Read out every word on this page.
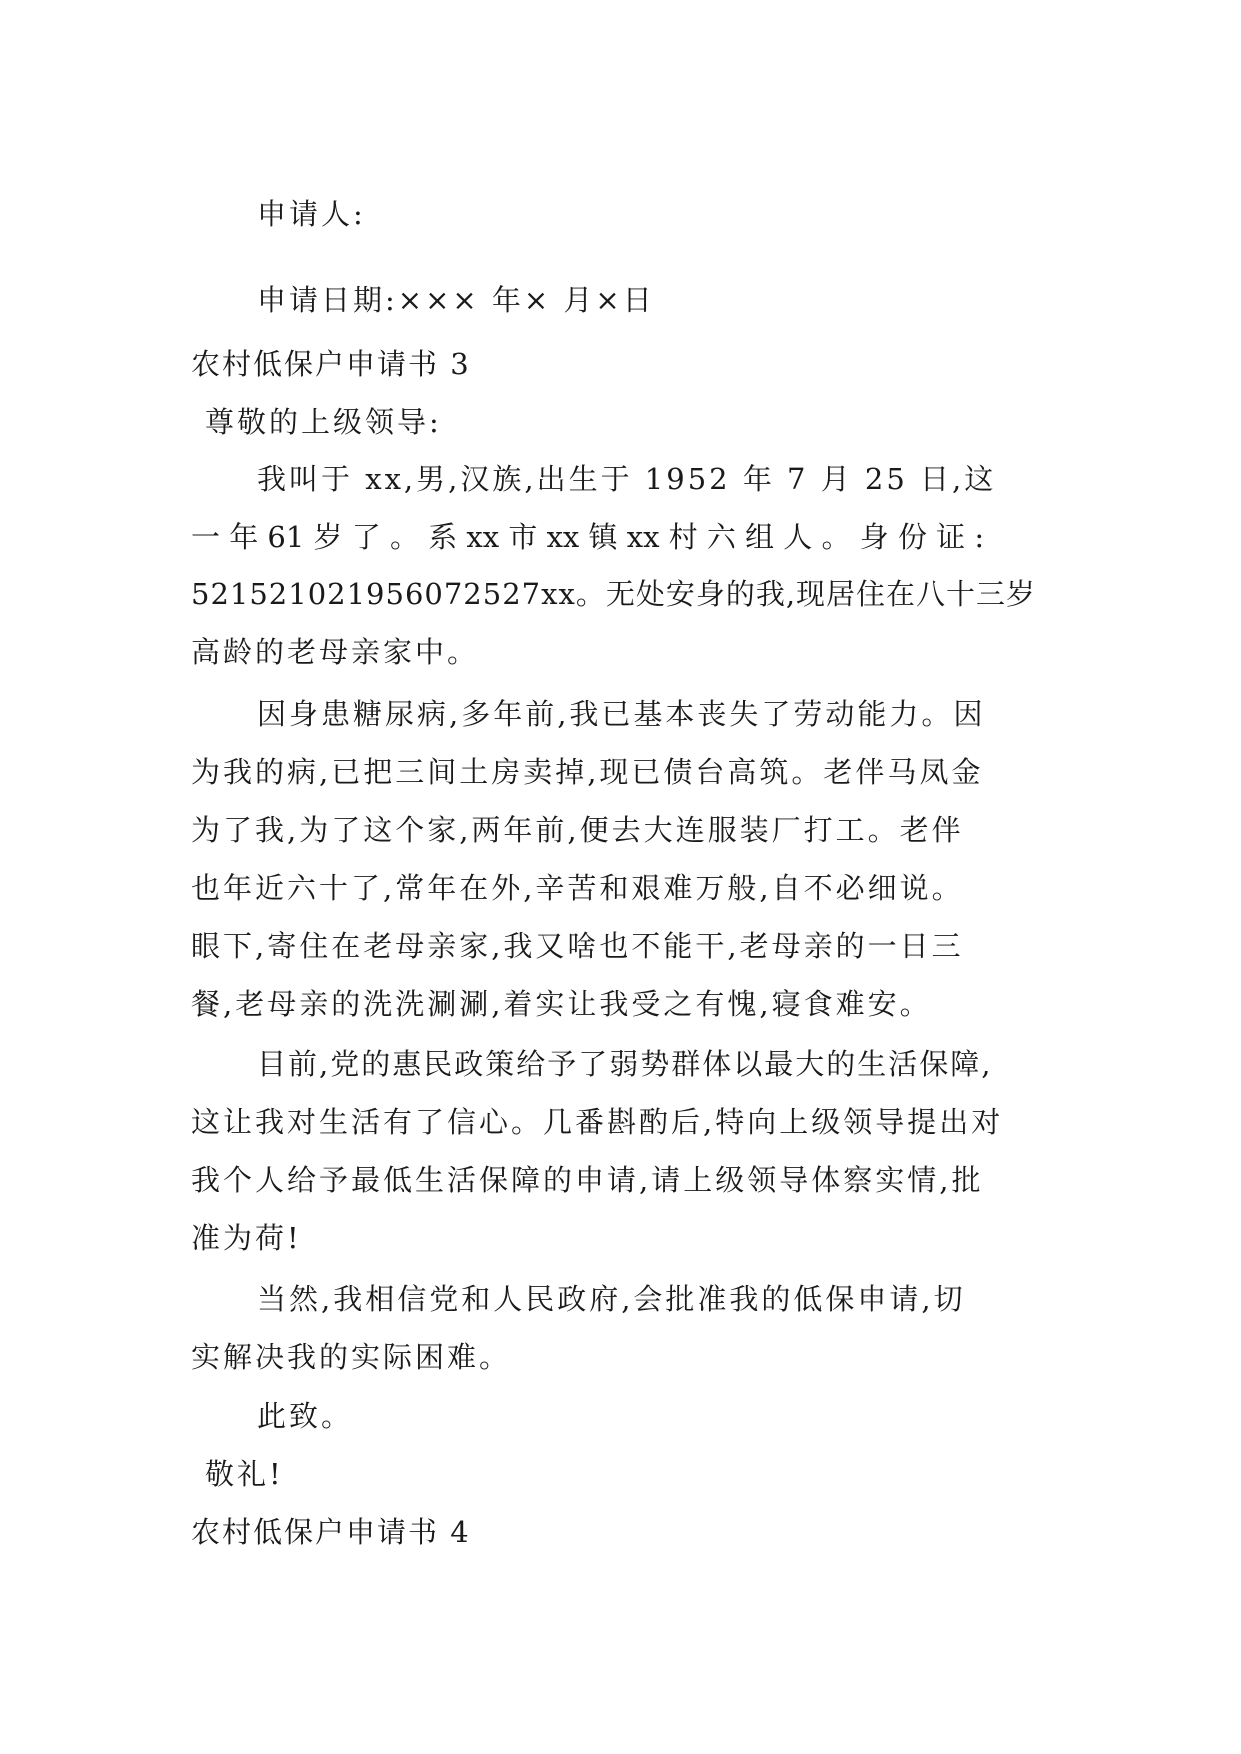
申请人:
申请日期:××× 年× 月×日
农村低保户申请书 3
尊敬的上级领导:
我叫于 xx,男,汉族,出生于 1952 年 7 月 25 日,这
一 年 61 岁 了 。 系 xx 市 xx 镇 xx 村 六 组 人 。 身 份 证 :
521521021956072527xx。无处安身的我,现居住在八十三岁
高龄的老母亲家中。
因身患糖尿病,多年前,我已基本丧失了劳动能力。因
为我的病,已把三间土房卖掉,现已债台高筑。老伴马凤金
为了我,为了这个家,两年前,便去大连服装厂打工。老伴
也年近六十了,常年在外,辛苦和艰难万般,自不必细说。
眼下,寄住在老母亲家,我又啥也不能干,老母亲的一日三
餐,老母亲的洗洗涮涮,着实让我受之有愧,寝食难安。
目前,党的惠民政策给予了弱势群体以最大的生活保障,
这让我对生活有了信心。几番斟酌后,特向上级领导提出对
我个人给予最低生活保障的申请,请上级领导体察实情,批
准为荷!
当然,我相信党和人民政府,会批准我的低保申请,切
实解决我的实际困难。
此致。
敬礼!
农村低保户申请书 4
